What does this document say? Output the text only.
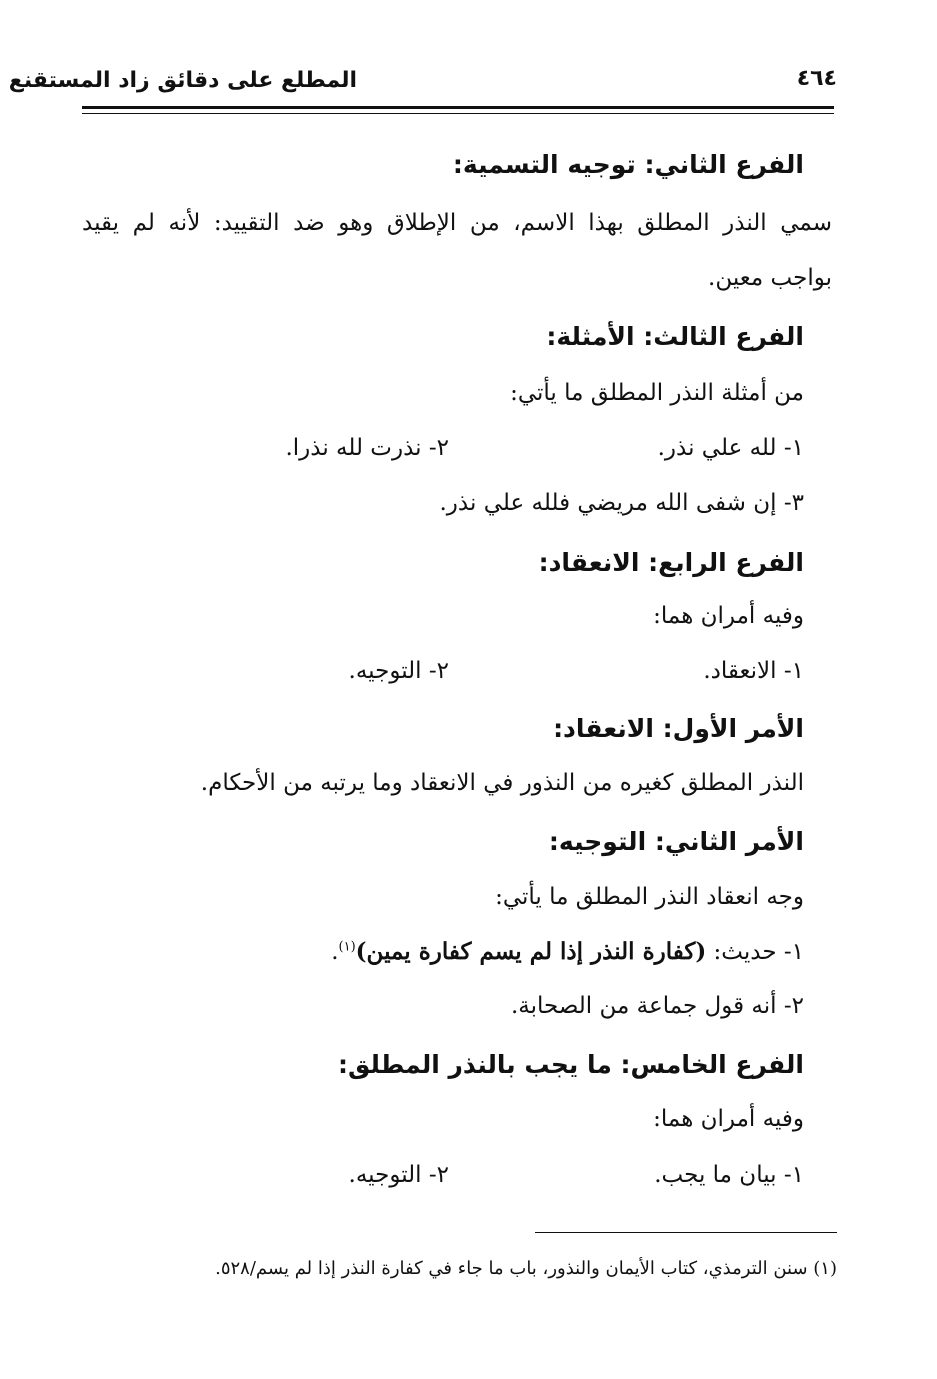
المطلع على دقائق زاد المستقنع	٤٦٤
الفرع الثاني: توجيه التسمية:
سمي النذر المطلق بهذا الاسم، من الإطلاق وهو ضد التقييد: لأنه لم يقيد
بواجب معين.
الفرع الثالث: الأمثلة:
من أمثلة النذر المطلق ما يأتي:
١- لله علي نذر.
٢- نذرت لله نذرا.
٣- إن شفى الله مريضي فلله علي نذر.
الفرع الرابع: الانعقاد:
وفيه أمران هما:
١- الانعقاد.
٢- التوجيه.
الأمر الأول: الانعقاد:
النذر المطلق كغيره من النذور في الانعقاد وما يرتبه من الأحكام.
الأمر الثاني: التوجيه:
وجه انعقاد النذر المطلق ما يأتي:
١- حديث: (كفارة النذر إذا لم يسم كفارة يمين)$^{(١)}$.
٢- أنه قول جماعة من الصحابة.
الفرع الخامس: ما يجب بالنذر المطلق:
وفيه أمران هما:
١- بيان ما يجب.
٢- التوجيه.
(١) سنن الترمذي، كتاب الأيمان والنذور، باب ما جاء في كفارة النذر إذا لم يسم/٥٢٨.
